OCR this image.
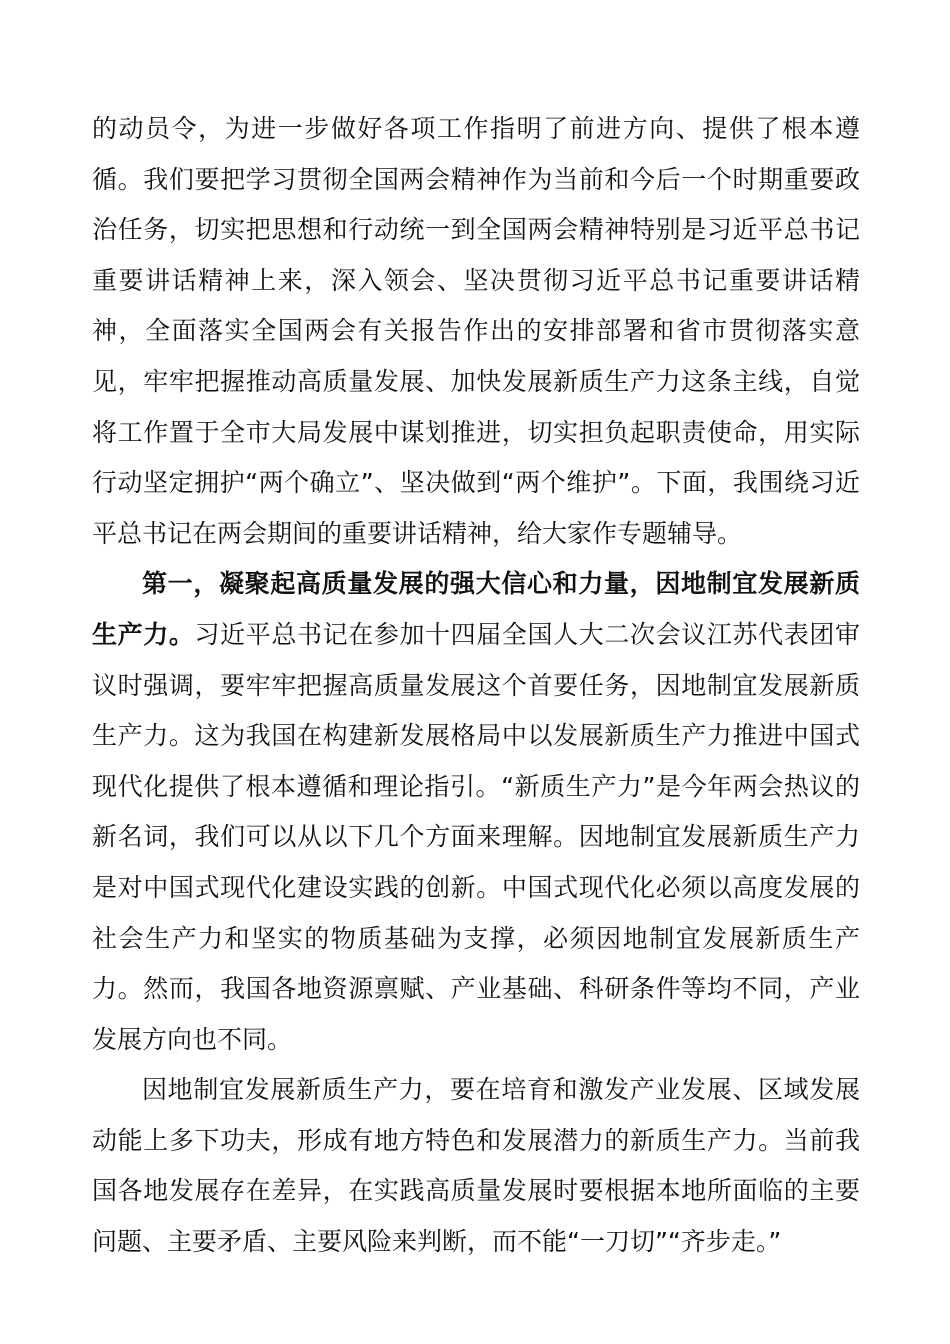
的动员令，为进一步做好各项工作指明了前进方向、提供了根本遵循。我们要把学习贯彻全国两会精神作为当前和今后一个时期重要政治任务，切实把思想和行动统一到全国两会精神特别是习近平总书记重要讲话精神上来，深入领会、坚决贯彻习近平总书记重要讲话精神，全面落实全国两会有关报告作出的安排部署和省市贯彻落实意见，牢牢把握推动高质量发展、加快发展新质生产力这条主线，自觉将工作置于全市大局发展中谋划推进，切实担负起职责使命，用实际行动坚定拥护“两个确立”、坚决做到“两个维护”。下面，我围绕习近平总书记在两会期间的重要讲话精神，给大家作专题辅导。

第一，凝聚起高质量发展的强大信心和力量，因地制宜发展新质生产力。习近平总书记在参加十四届全国人大二次会议江苏代表团审议时强调，要牢牢把握高质量发展这个首要任务，因地制宜发展新质生产力。这为我国在构建新发展格局中以发展新质生产力推进中国式现代化提供了根本遵循和理论指引。“新质生产力”是今年两会热议的新名词，我们可以从以下几个方面来理解。因地制宜发展新质生产力是对中国式现代化建设实践的创新。中国式现代化必须以高度发展的社会生产力和坚实的物质基础为支撑，必须因地制宜发展新质生产力。然而，我国各地资源禀赋、产业基础、科研条件等均不同，产业发展方向也不同。

因地制宜发展新质生产力，要在培育和激发产业发展、区域发展动能上多下功夫，形成有地方特色和发展潜力的新质生产力。当前我国各地发展存在差异，在实践高质量发展时要根据本地所面临的主要问题、主要矛盾、主要风险来判断，而不能“一刀切”“齐步走。”
